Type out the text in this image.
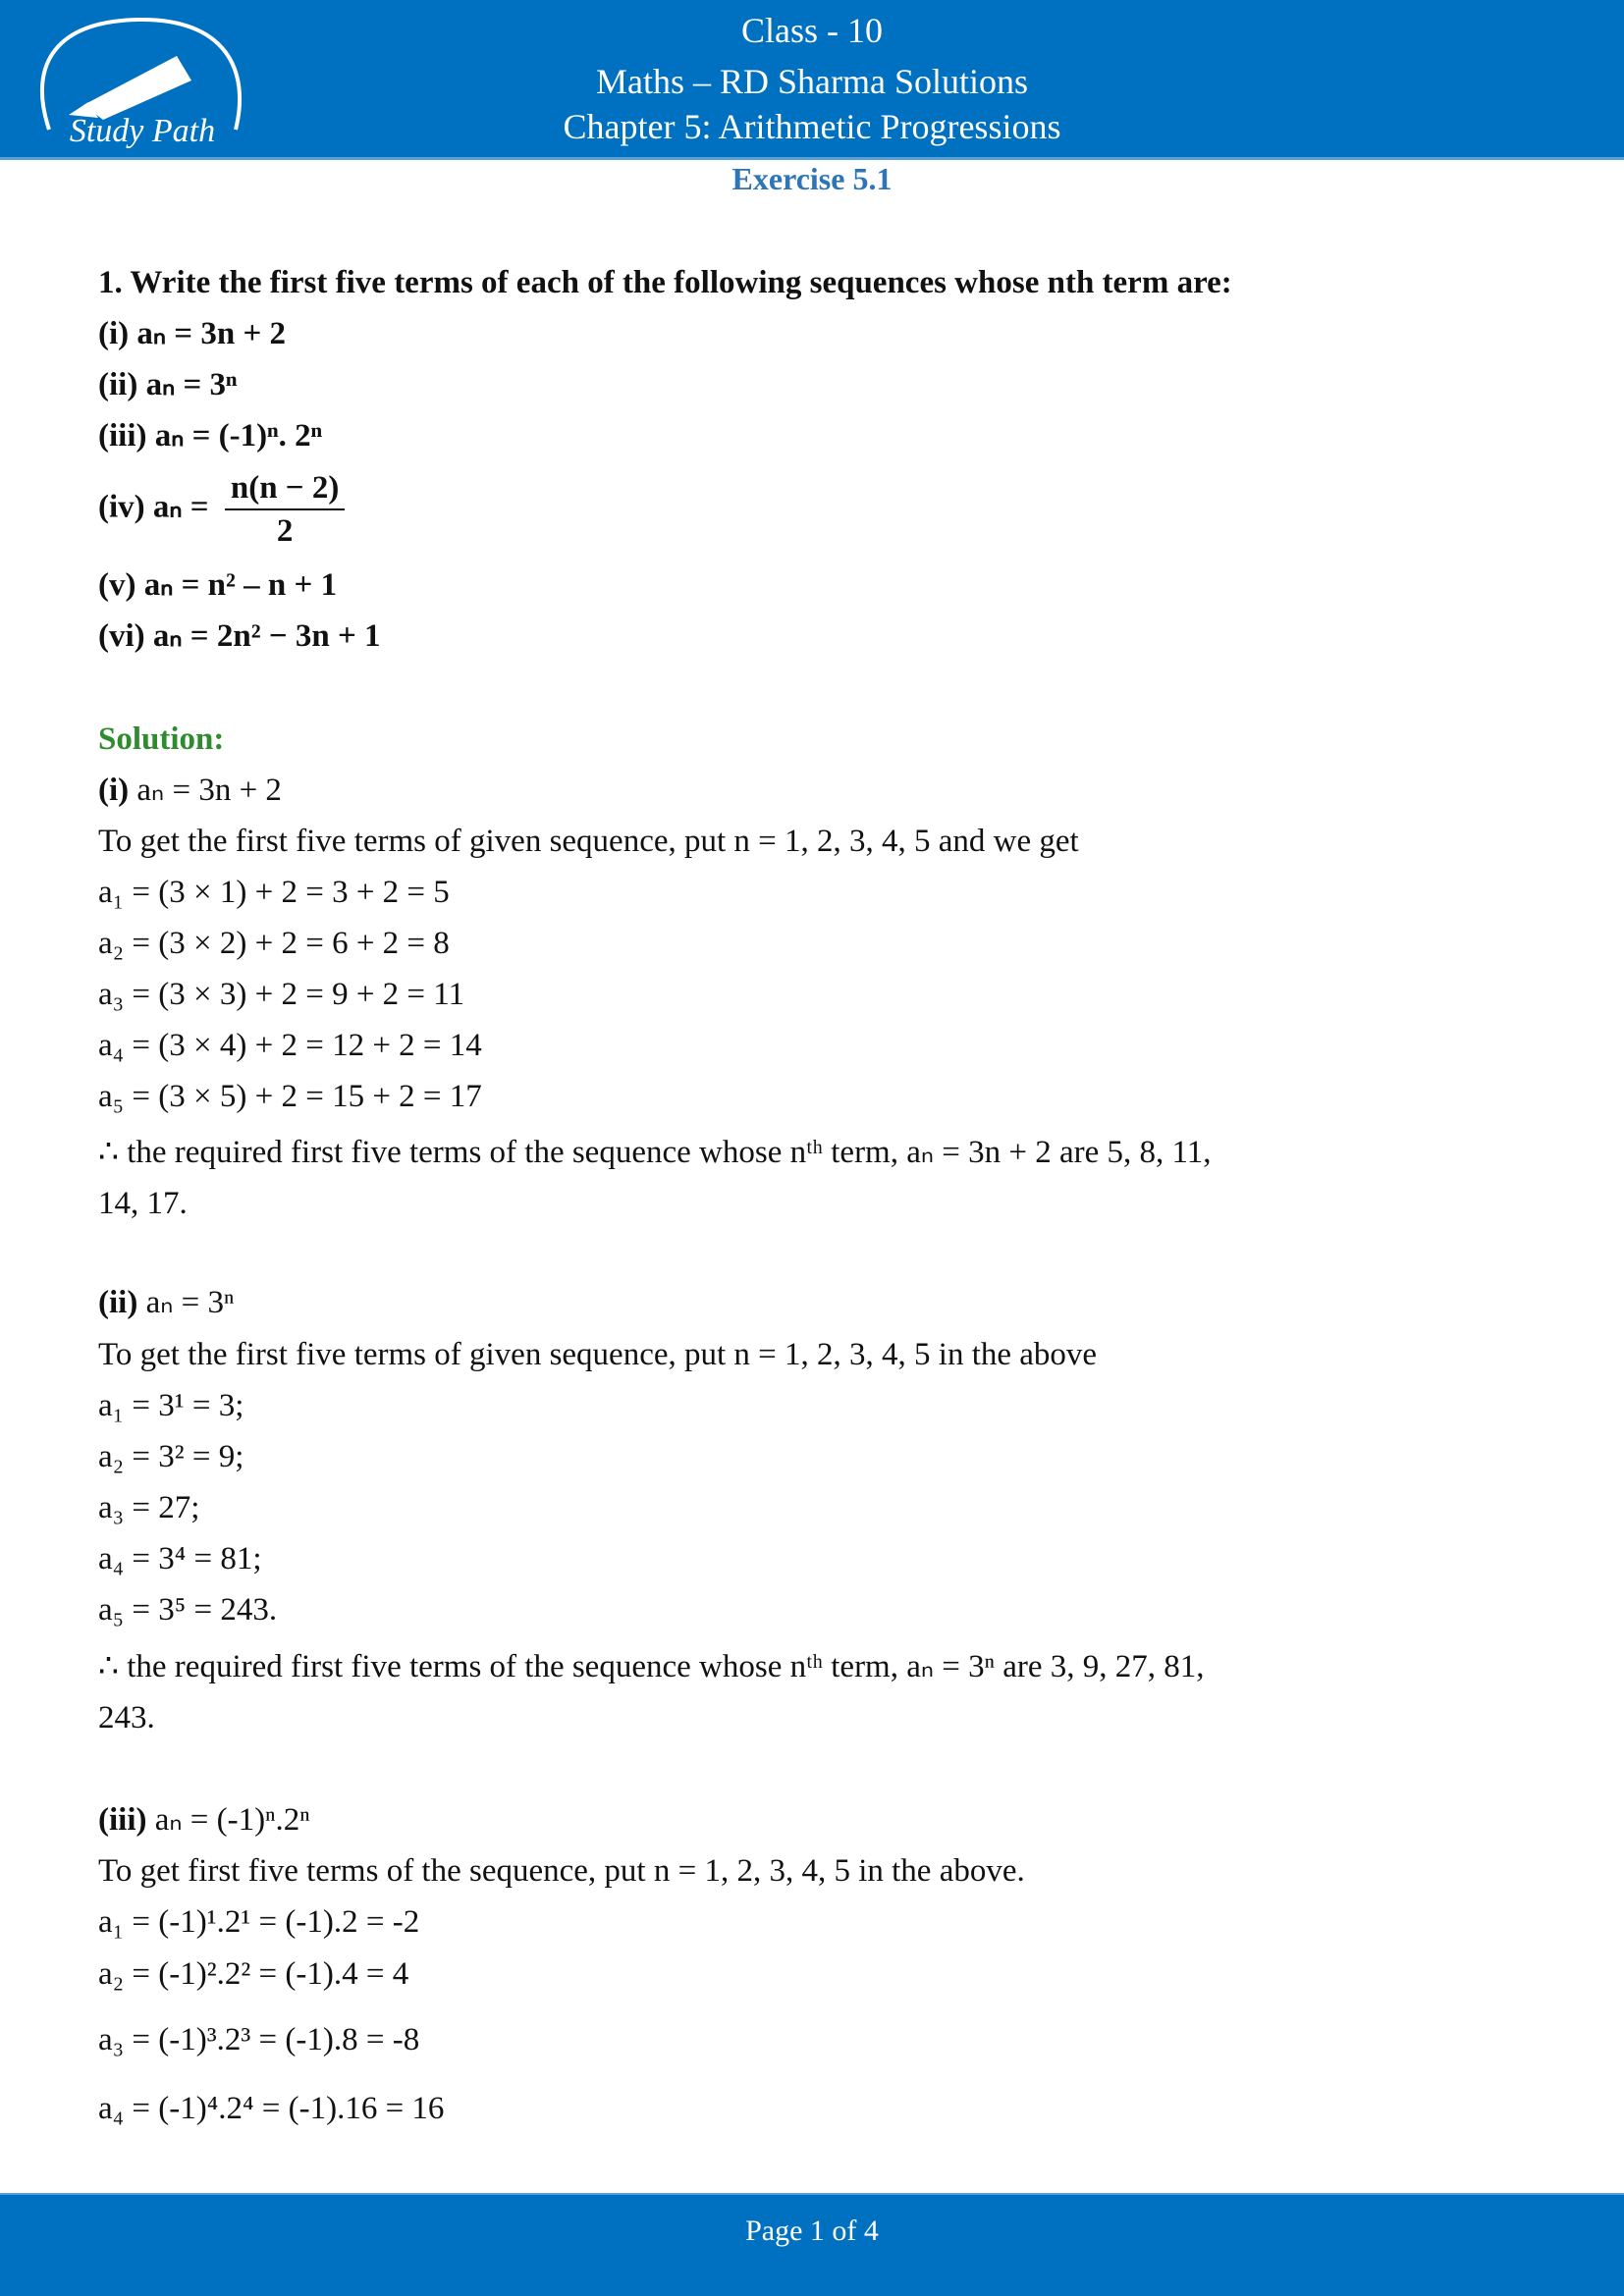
Study Path
Class - 10
Maths – RD Sharma Solutions
Chapter 5: Arithmetic Progressions
Exercise 5.1
1. Write the first five terms of each of the following sequences whose nth term are:
(i) aₙ = 3n + 2
(ii) aₙ = 3ⁿ
(iii) aₙ = (-1)ⁿ. 2ⁿ
(iv) $a_n = \frac{n(n - 2)}{2}$
(v) aₙ = n² – n + 1
(vi) aₙ = 2n² − 3n + 1
Solution:
(i) aₙ = 3n + 2
To get the first five terms of given sequence, put n = 1, 2, 3, 4, 5 and we get
a₁ = (3 × 1) + 2 = 3 + 2 = 5
a₂ = (3 × 2) + 2 = 6 + 2 = 8
a₃ = (3 × 3) + 2 = 9 + 2 = 11
a₄ = (3 × 4) + 2 = 12 + 2 = 14
a₅ = (3 × 5) + 2 = 15 + 2 = 17
∴ the required first five terms of the sequence whose nᵗʰ term, aₙ = 3n + 2 are 5, 8, 11,
14, 17.
(ii) aₙ = 3ⁿ
To get the first five terms of given sequence, put n = 1, 2, 3, 4, 5 in the above
a₁ = 3¹ = 3;
a₂ = 3² = 9;
a₃ = 27;
a₄ = 3⁴ = 81;
a₅ = 3⁵ = 243.
∴ the required first five terms of the sequence whose nᵗʰ term, aₙ = 3ⁿ are 3, 9, 27, 81,
243.
(iii) aₙ = (-1)ⁿ.2ⁿ
To get first five terms of the sequence, put n = 1, 2, 3, 4, 5 in the above.
a₁ = (-1)¹.2¹ = (-1).2 = -2
a₂ = (-1)².2² = (-1).4 = 4
a₃ = (-1)³.2³ = (-1).8 = -8
a₄ = (-1)⁴.2⁴ = (-1).16 = 16
Page 1 of 4
